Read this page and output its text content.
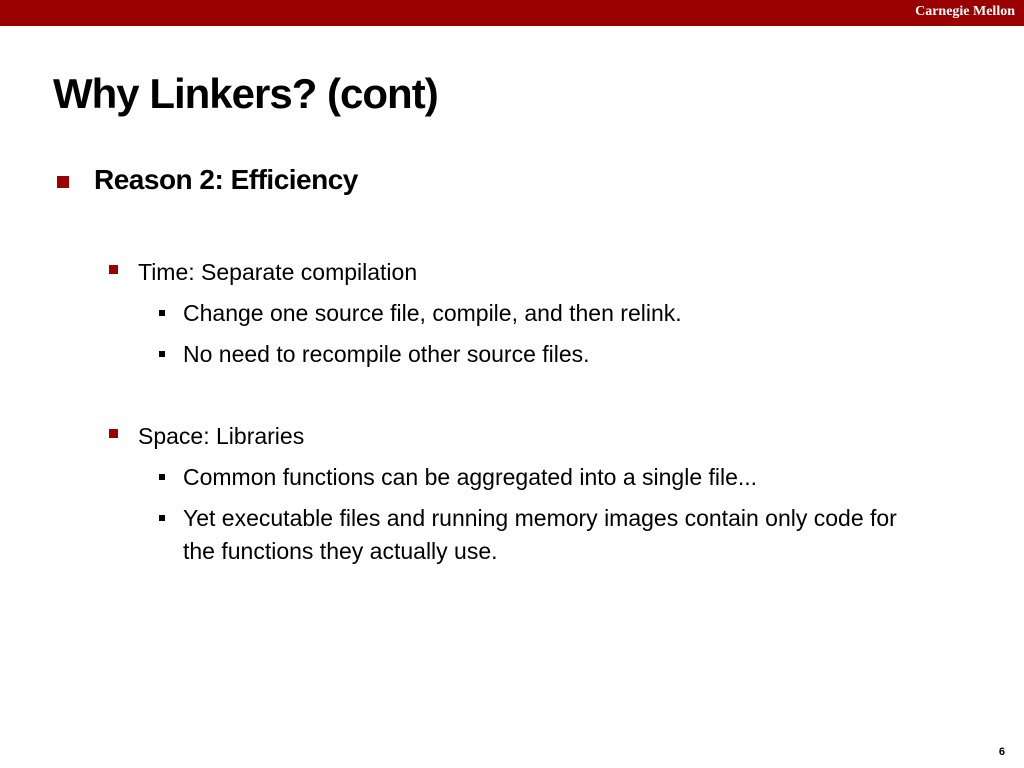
Carnegie Mellon
Why Linkers? (cont)
Reason 2: Efficiency
Time: Separate compilation
Change one source file, compile, and then relink.
No need to recompile other source files.
Space: Libraries
Common functions can be aggregated into a single file...
Yet executable files and running memory images contain only code for the functions they actually use.
6
